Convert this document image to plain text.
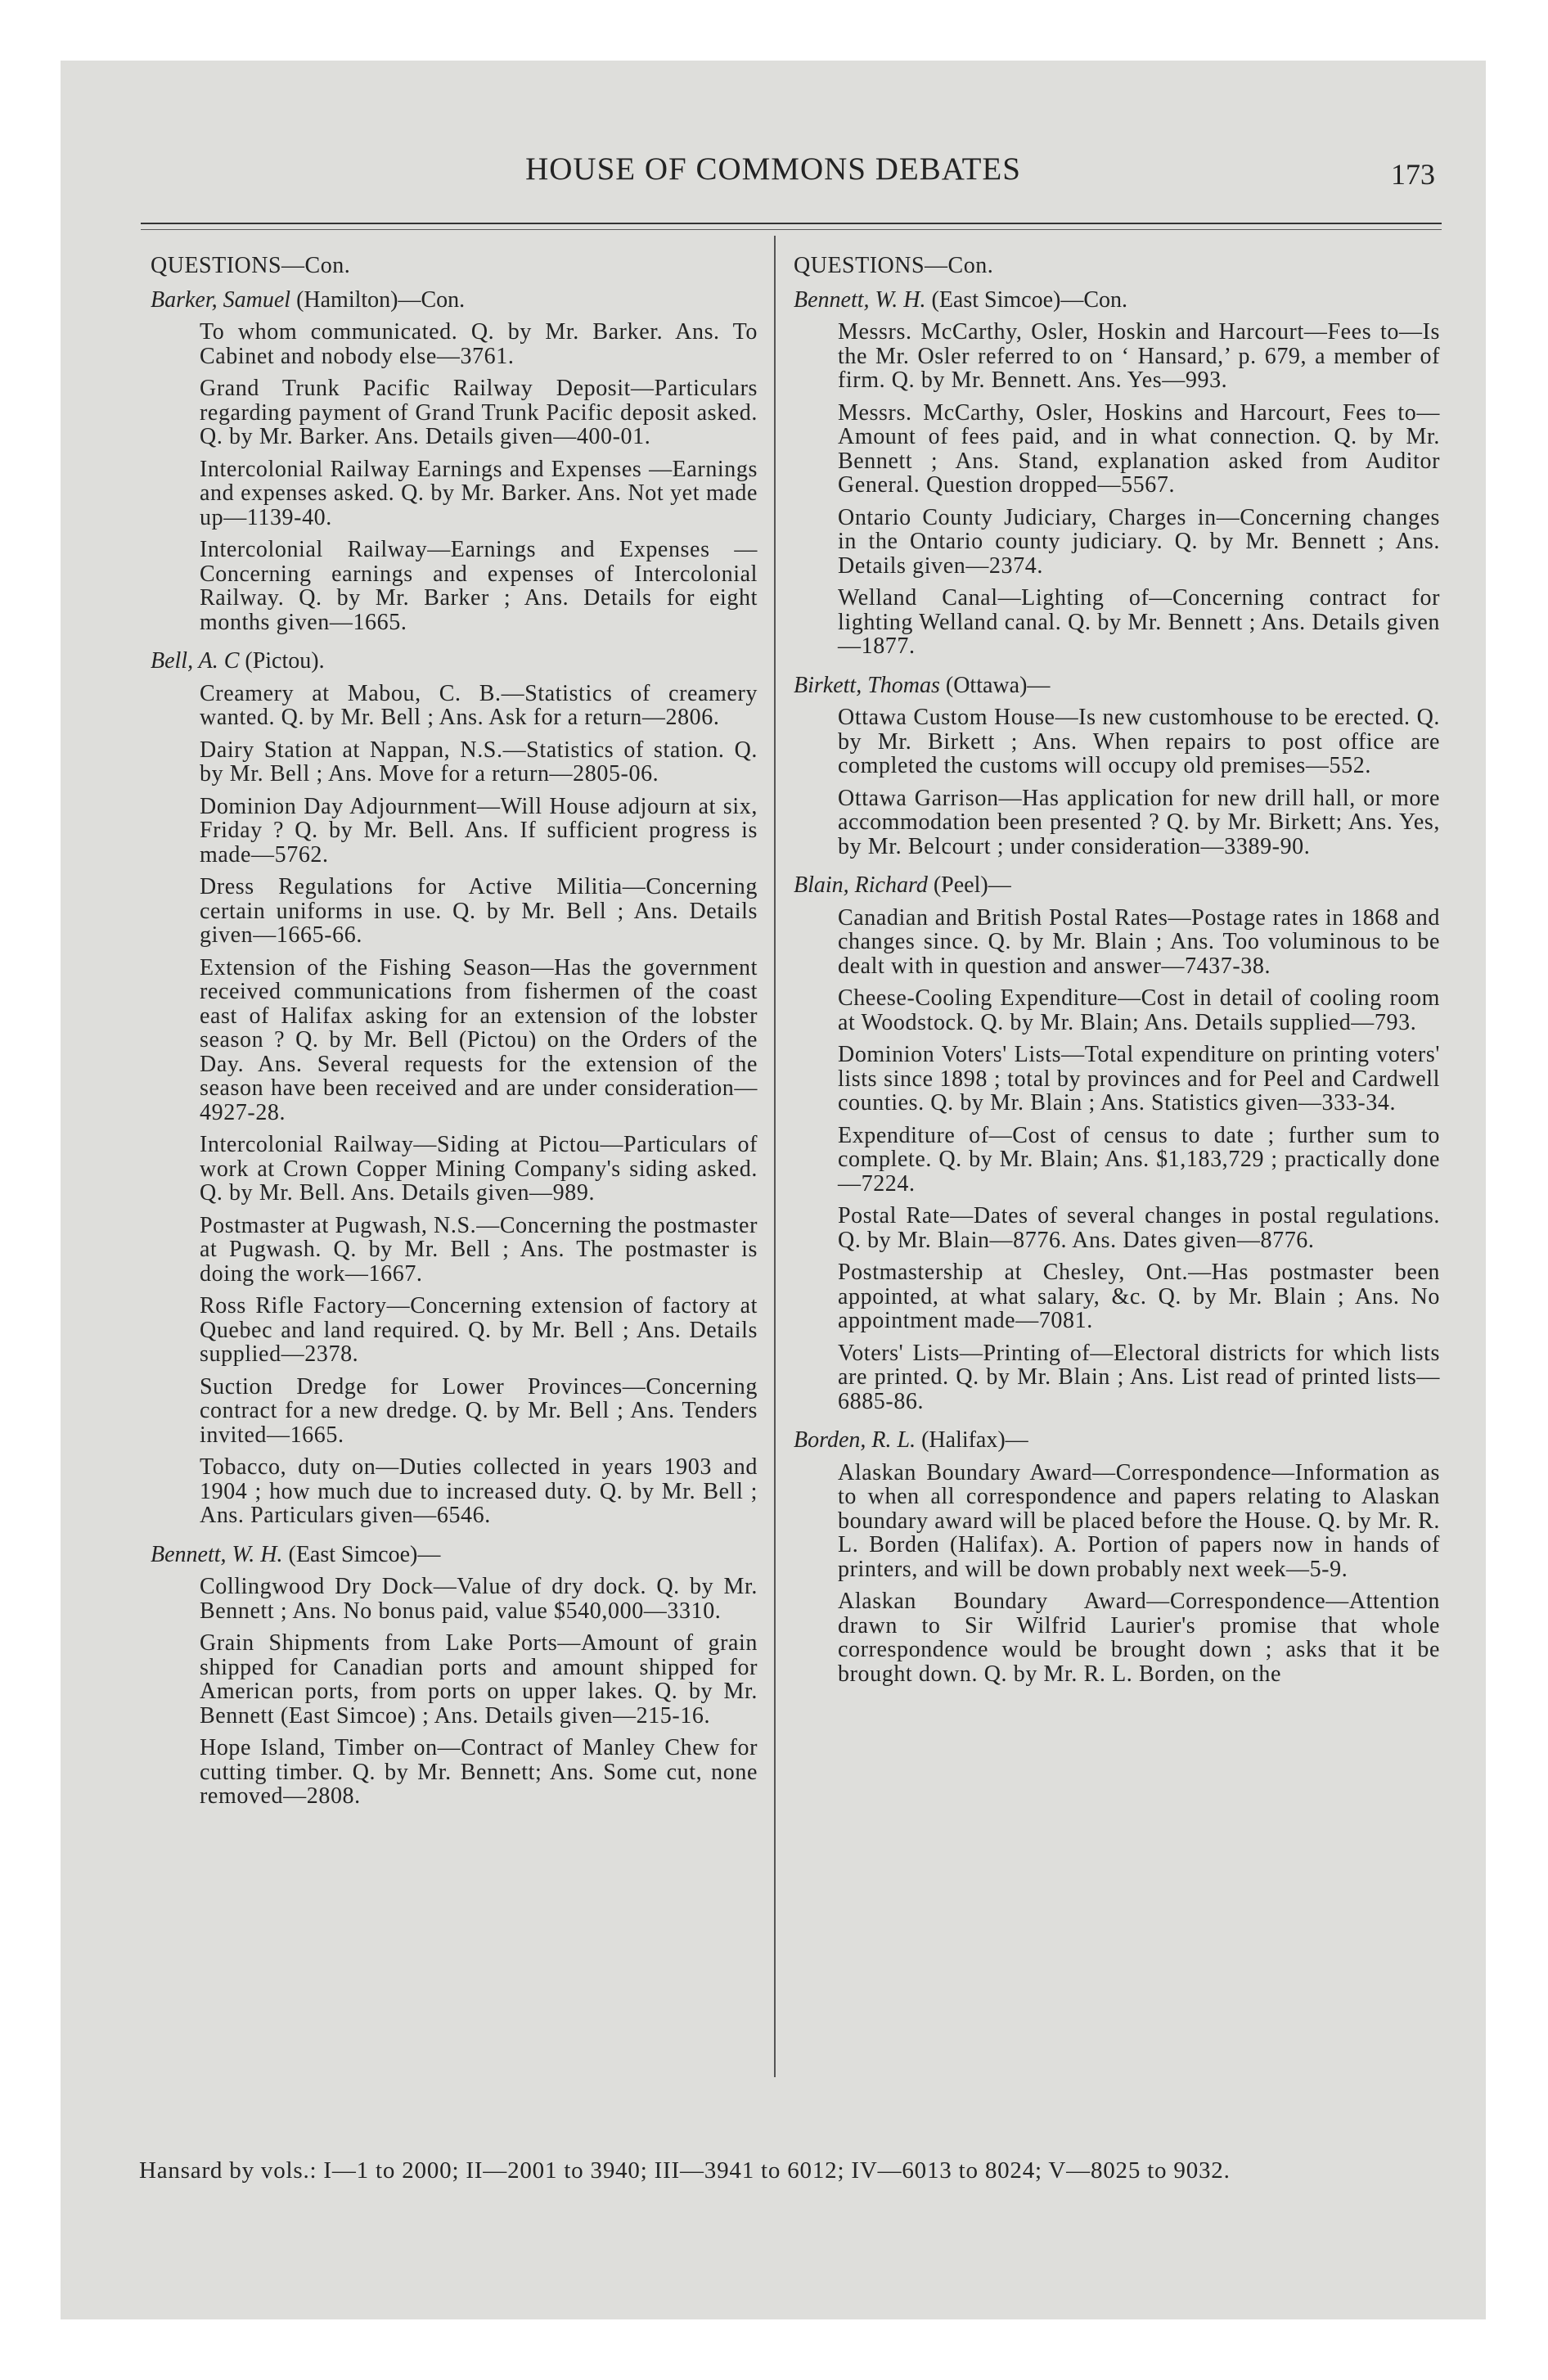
HOUSE OF COMMONS DEBATES	173
QUESTIONS—Con.
Barker, Samuel (Hamilton)—Con.
To whom communicated. Q. by Mr. Barker. Ans. To Cabinet and nobody else—3761.
Grand Trunk Pacific Railway Deposit—Particulars regarding payment of Grand Trunk Pacific deposit asked. Q. by Mr. Barker. Ans. Details given—400-01.
Intercolonial Railway Earnings and Expenses —Earnings and expenses asked. Q. by Mr. Barker. Ans. Not yet made up—1139-40.
Intercolonial Railway—Earnings and Expenses —Concerning earnings and expenses of Intercolonial Railway. Q. by Mr. Barker ; Ans. Details for eight months given—1665.
Bell, A. C (Pictou).
Creamery at Mabou, C. B.—Statistics of creamery wanted. Q. by Mr. Bell ; Ans. Ask for a return—2806.
Dairy Station at Nappan, N.S.—Statistics of station. Q. by Mr. Bell ; Ans. Move for a return—2805-06.
Dominion Day Adjournment—Will House adjourn at six, Friday ? Q. by Mr. Bell. Ans. If sufficient progress is made—5762.
Dress Regulations for Active Militia—Concerning certain uniforms in use. Q. by Mr. Bell ; Ans. Details given—1665-66.
Extension of the Fishing Season—Has the government received communications from fishermen of the coast east of Halifax asking for an extension of the lobster season ? Q. by Mr. Bell (Pictou) on the Orders of the Day. Ans. Several requests for the extension of the season have been received and are under consideration—4927-28.
Intercolonial Railway—Siding at Pictou—Particulars of work at Crown Copper Mining Company's siding asked. Q. by Mr. Bell. Ans. Details given—989.
Postmaster at Pugwash, N.S.—Concerning the postmaster at Pugwash. Q. by Mr. Bell ; Ans. The postmaster is doing the work—1667.
Ross Rifle Factory—Concerning extension of factory at Quebec and land required. Q. by Mr. Bell ; Ans. Details supplied—2378.
Suction Dredge for Lower Provinces—Concerning contract for a new dredge. Q. by Mr. Bell ; Ans. Tenders invited—1665.
Tobacco, duty on—Duties collected in years 1903 and 1904 ; how much due to increased duty. Q. by Mr. Bell ; Ans. Particulars given—6546.
Bennett, W. H. (East Simcoe)—
Collingwood Dry Dock—Value of dry dock. Q. by Mr. Bennett ; Ans. No bonus paid, value $540,000—3310.
Grain Shipments from Lake Ports—Amount of grain shipped for Canadian ports and amount shipped for American ports, from ports on upper lakes. Q. by Mr. Bennett (East Simcoe) ; Ans. Details given—215-16.
Hope Island, Timber on—Contract of Manley Chew for cutting timber. Q. by Mr. Bennett; Ans. Some cut, none removed—2808.
QUESTIONS—Con.
Bennett, W. H. (East Simcoe)—Con.
Messrs. McCarthy, Osler, Hoskin and Harcourt—Fees to—Is the Mr. Osler referred to on ‘ Hansard,’ p. 679, a member of firm. Q. by Mr. Bennett. Ans. Yes—993.
Messrs. McCarthy, Osler, Hoskins and Harcourt, Fees to—Amount of fees paid, and in what connection. Q. by Mr. Bennett ; Ans. Stand, explanation asked from Auditor General. Question dropped—5567.
Ontario County Judiciary, Charges in—Concerning changes in the Ontario county judiciary. Q. by Mr. Bennett ; Ans. Details given—2374.
Welland Canal—Lighting of—Concerning contract for lighting Welland canal. Q. by Mr. Bennett ; Ans. Details given—1877.
Birkett, Thomas (Ottawa)—
Ottawa Custom House—Is new customhouse to be erected. Q. by Mr. Birkett ; Ans. When repairs to post office are completed the customs will occupy old premises—552.
Ottawa Garrison—Has application for new drill hall, or more accommodation been presented ? Q. by Mr. Birkett; Ans. Yes, by Mr. Belcourt ; under consideration—3389-90.
Blain, Richard (Peel)—
Canadian and British Postal Rates—Postage rates in 1868 and changes since. Q. by Mr. Blain ; Ans. Too voluminous to be dealt with in question and answer—7437-38.
Cheese-Cooling Expenditure—Cost in detail of cooling room at Woodstock. Q. by Mr. Blain; Ans. Details supplied—793.
Dominion Voters' Lists—Total expenditure on printing voters' lists since 1898 ; total by provinces and for Peel and Cardwell counties. Q. by Mr. Blain ; Ans. Statistics given—333-34.
Expenditure of—Cost of census to date ; further sum to complete. Q. by Mr. Blain; Ans. $1,183,729 ; practically done—7224.
Postal Rate—Dates of several changes in postal regulations. Q. by Mr. Blain—8776. Ans. Dates given—8776.
Postmastership at Chesley, Ont.—Has postmaster been appointed, at what salary, &c. Q. by Mr. Blain ; Ans. No appointment made—7081.
Voters' Lists—Printing of—Electoral districts for which lists are printed. Q. by Mr. Blain ; Ans. List read of printed lists—6885-86.
Borden, R. L. (Halifax)—
Alaskan Boundary Award—Correspondence—Information as to when all correspondence and papers relating to Alaskan boundary award will be placed before the House. Q. by Mr. R. L. Borden (Halifax). A. Portion of papers now in hands of printers, and will be down probably next week—5-9.
Alaskan Boundary Award—Correspondence—Attention drawn to Sir Wilfrid Laurier's promise that whole correspondence would be brought down ; asks that it be brought down. Q. by Mr. R. L. Borden, on the
Hansard by vols.: I—1 to 2000; II—2001 to 3940; III—3941 to 6012; IV—6013 to 8024; V—8025 to 9032.
